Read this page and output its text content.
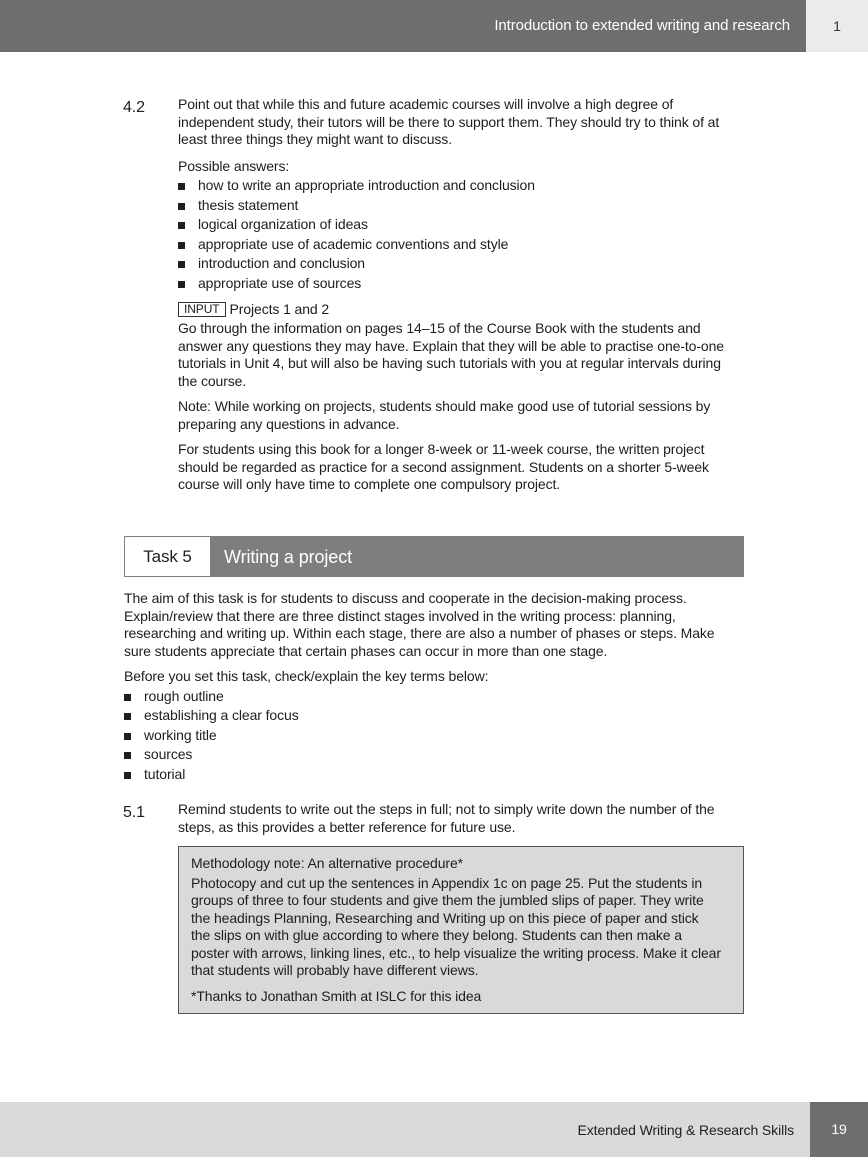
Introduction to extended writing and research	1
4.2 Point out that while this and future academic courses will involve a high degree of independent study, their tutors will be there to support them. They should try to think of at least three things they might want to discuss.

Possible answers:

how to write an appropriate introduction and conclusion
thesis statement
logical organization of ideas
appropriate use of academic conventions and style
introduction and conclusion
appropriate use of sources

INPUT Projects 1 and 2

Go through the information on pages 14–15 of the Course Book with the students and answer any questions they may have. Explain that they will be able to practise one-to-one tutorials in Unit 4, but will also be having such tutorials with you at regular intervals during the course.

Note: While working on projects, students should make good use of tutorial sessions by preparing any questions in advance.

For students using this book for a longer 8-week or 11-week course, the written project should be regarded as practice for a second assignment. Students on a shorter 5-week course will only have time to complete one compulsory project.

Task 5	Writing a project

The aim of this task is for students to discuss and cooperate in the decision-making process. Explain/review that there are three distinct stages involved in the writing process: planning, researching and writing up. Within each stage, there are also a number of phases or steps. Make sure students appreciate that certain phases can occur in more than one stage.

Before you set this task, check/explain the key terms below:

rough outline
establishing a clear focus
working title
sources
tutorial
5.1 Remind students to write out the steps in full; not to simply write down the number of the steps, as this provides a better reference for future use.

Methodology note: An alternative procedure*

Photocopy and cut up the sentences in Appendix 1c on page 25. Put the students in groups of three to four students and give them the jumbled slips of paper. They write the headings Planning, Researching and Writing up on this piece of paper and stick the slips on with glue according to where they belong. Students can then make a poster with arrows, linking lines, etc., to help visualize the writing process. Make it clear that students will probably have different views.

*Thanks to Jonathan Smith at ISLC for this idea

Extended Writing & Research Skills	19
